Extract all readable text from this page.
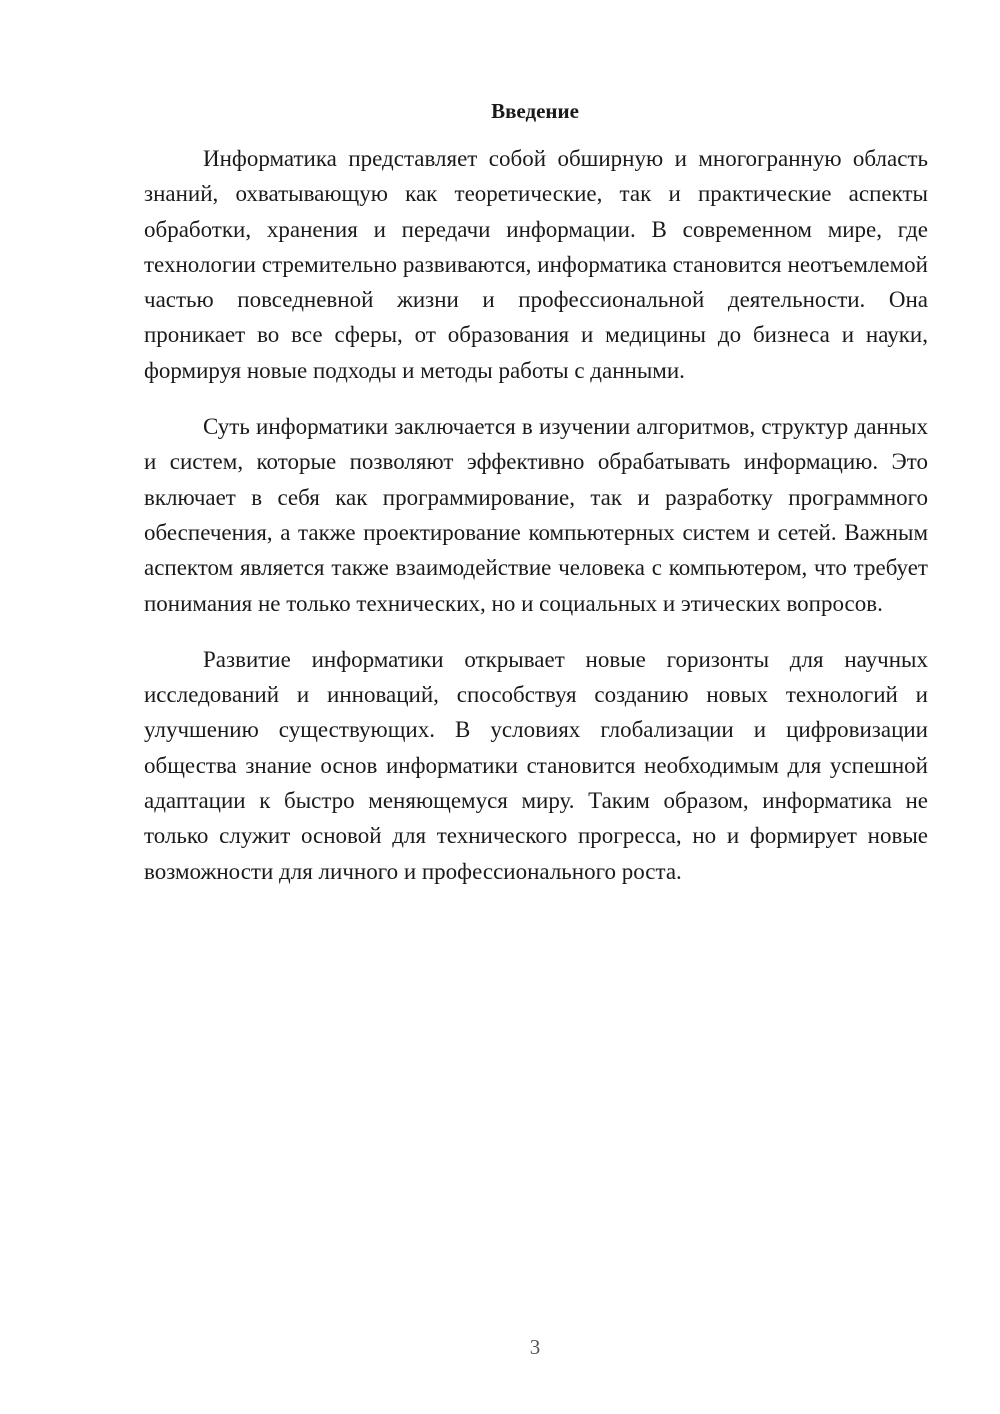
Введение

Информатика представляет собой обширную и многогранную область знаний, охватывающую как теоретические, так и практические аспекты обработки, хранения и передачи информации. В современном мире, где технологии стремительно развиваются, информатика становится неотъемлемой частью повседневной жизни и профессиональной деятельности. Она проникает во все сферы, от образования и медицины до бизнеса и науки, формируя новые подходы и методы работы с данными.

Суть информатики заключается в изучении алгоритмов, структур данных и систем, которые позволяют эффективно обрабатывать информацию. Это включает в себя как программирование, так и разработку программного обеспечения, а также проектирование компьютерных систем и сетей. Важным аспектом является также взаимодействие человека с компьютером, что требует понимания не только технических, но и социальных и этических вопросов.

Развитие информатики открывает новые горизонты для научных исследований и инноваций, способствуя созданию новых технологий и улучшению существующих. В условиях глобализации и цифровизации общества знание основ информатики становится необходимым для успешной адаптации к быстро меняющемуся миру. Таким образом, информатика не только служит основой для технического прогресса, но и формирует новые возможности для личного и профессионального роста.

3
